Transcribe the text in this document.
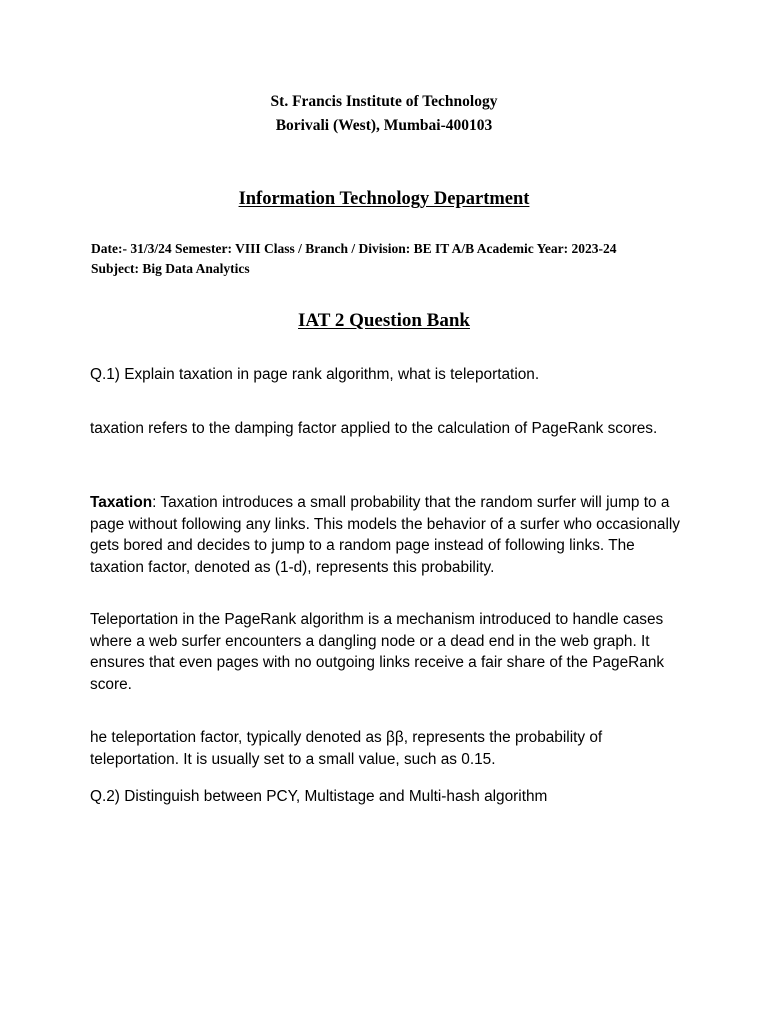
St. Francis Institute of Technology
Borivali (West), Mumbai-400103
Information Technology Department
Date:- 31/3/24 Semester: VIII Class / Branch / Division: BE IT A/B Academic Year: 2023-24
Subject: Big Data Analytics
IAT 2 Question Bank
Q.1) Explain taxation in page rank algorithm, what is teleportation.
taxation refers to the damping factor applied to the calculation of PageRank scores.
Taxation: Taxation introduces a small probability that the random surfer will jump to a page without following any links. This models the behavior of a surfer who occasionally gets bored and decides to jump to a random page instead of following links. The taxation factor, denoted as (1-d), represents this probability.
Teleportation in the PageRank algorithm is a mechanism introduced to handle cases where a web surfer encounters a dangling node or a dead end in the web graph. It ensures that even pages with no outgoing links receive a fair share of the PageRank score.
he teleportation factor, typically denoted as ββ, represents the probability of teleportation. It is usually set to a small value, such as 0.15.
Q.2) Distinguish between PCY, Multistage and Multi-hash algorithm
